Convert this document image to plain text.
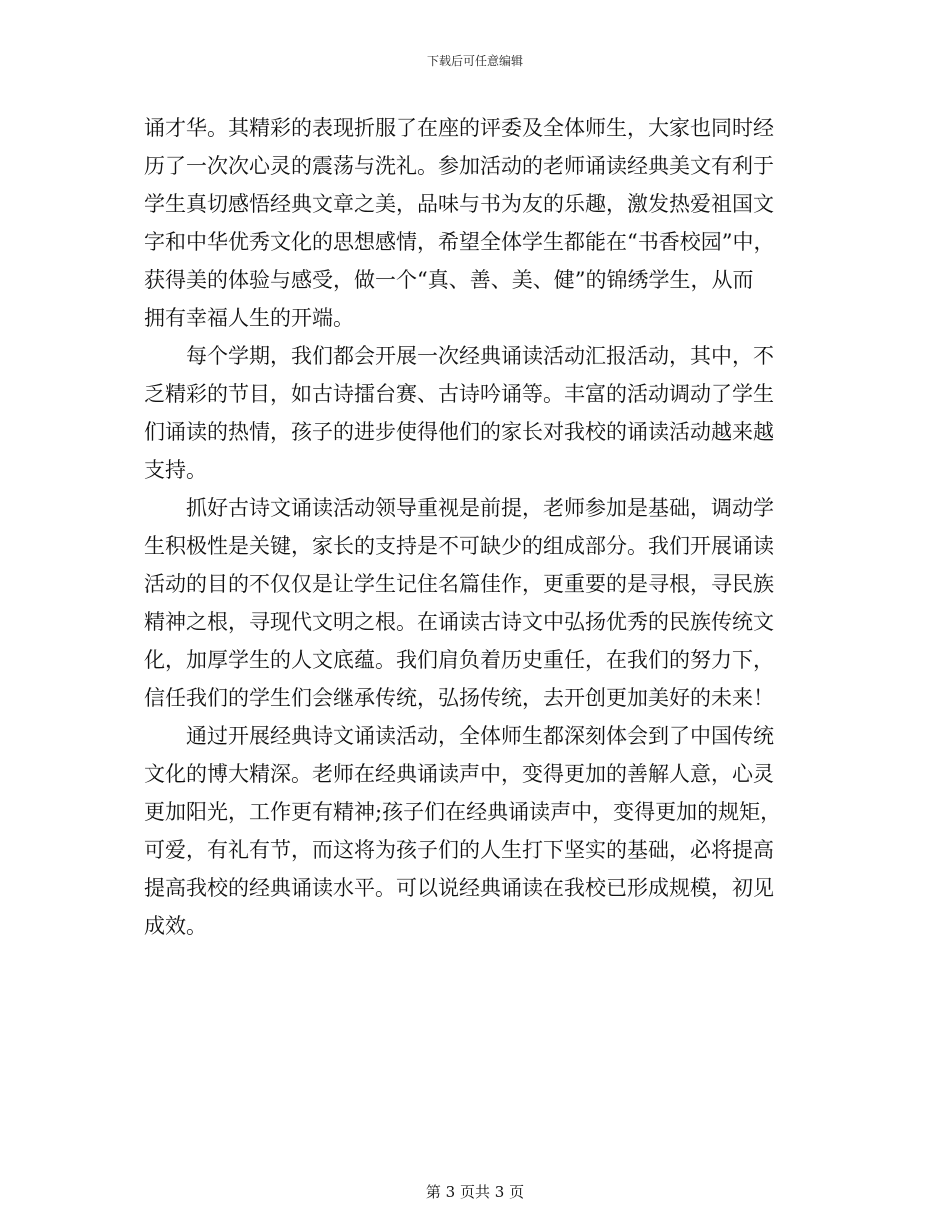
下载后可任意编辑
诵才华。其精彩的表现折服了在座的评委及全体师生，大家也同时经
历了一次次心灵的震荡与洗礼。参加活动的老师诵读经典美文有利于
学生真切感悟经典文章之美，品味与书为友的乐趣，激发热爱祖国文
字和中华优秀文化的思想感情，希望全体学生都能在“书香校园”中，
获得美的体验与感受，做一个“真、善、美、健”的锦绣学生，从而
拥有幸福人生的开端。
　　每个学期，我们都会开展一次经典诵读活动汇报活动，其中，不
乏精彩的节目，如古诗擂台赛、古诗吟诵等。丰富的活动调动了学生
们诵读的热情，孩子的进步使得他们的家长对我校的诵读活动越来越
支持。
　　抓好古诗文诵读活动领导重视是前提，老师参加是基础，调动学
生积极性是关键，家长的支持是不可缺少的组成部分。我们开展诵读
活动的目的不仅仅是让学生记住名篇佳作，更重要的是寻根，寻民族
精神之根，寻现代文明之根。在诵读古诗文中弘扬优秀的民族传统文
化，加厚学生的人文底蕴。我们肩负着历史重任，在我们的努力下，
信任我们的学生们会继承传统，弘扬传统，去开创更加美好的未来！
　　通过开展经典诗文诵读活动，全体师生都深刻体会到了中国传统
文化的博大精深。老师在经典诵读声中，变得更加的善解人意，心灵
更加阳光，工作更有精神;孩子们在经典诵读声中，变得更加的规矩，
可爱，有礼有节，而这将为孩子们的人生打下坚实的基础，必将提高
提高我校的经典诵读水平。可以说经典诵读在我校已形成规模，初见
成效。
第 3 页共 3 页
